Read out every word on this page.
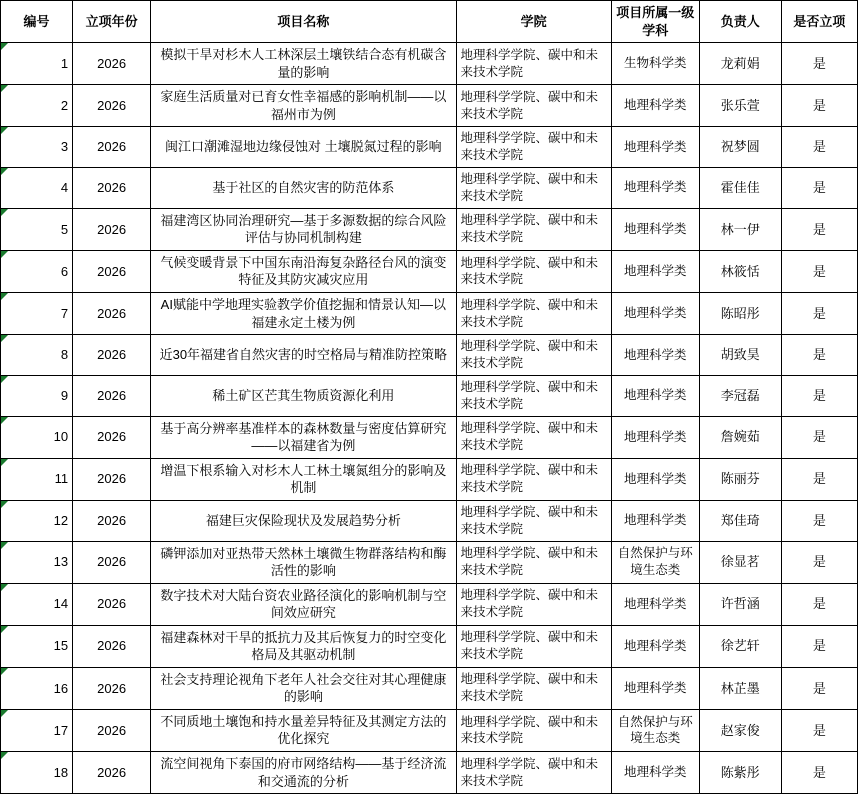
编号	立项年份	项目名称	学院	项目所属一级学科	负责人	是否立项

1	2026	模拟干旱对杉木人工林深层土壤铁结合态有机碳含量的影响	地理科学学院、碳中和未来技术学院	生物科学类	龙莉娟	是

2	2026	家庭生活质量对已育女性幸福感的影响机制——以福州市为例	地理科学学院、碳中和未来技术学院	地理科学类	张乐萱	是

3	2026	闽江口潮滩湿地边缘侵蚀对 土壤脱氮过程的影响	地理科学学院、碳中和未来技术学院	地理科学类	祝梦圆	是

4	2026	基于社区的自然灾害的防范体系	地理科学学院、碳中和未来技术学院	地理科学类	霍佳佳	是

5	2026	福建湾区协同治理研究—基于多源数据的综合风险评估与协同机制构建	地理科学学院、碳中和未来技术学院	地理科学类	林一伊	是

6	2026	气候变暖背景下中国东南沿海复杂路径台风的演变特征及其防灾减灾应用	地理科学学院、碳中和未来技术学院	地理科学类	林筱恬	是

7	2026	AI赋能中学地理实验教学价值挖掘和情景认知—以福建永定土楼为例	地理科学学院、碳中和未来技术学院	地理科学类	陈昭彤	是

8	2026	近30年福建省自然灾害的时空格局与精准防控策略	地理科学学院、碳中和未来技术学院	地理科学类	胡致昊	是

9	2026	稀土矿区芒萁生物质资源化利用	地理科学学院、碳中和未来技术学院	地理科学类	李冠磊	是

10	2026	基于高分辨率基准样本的森林数量与密度估算研究——以福建省为例	地理科学学院、碳中和未来技术学院	地理科学类	詹婉茹	是

11	2026	增温下根系输入对杉木人工林土壤氮组分的影响及机制	地理科学学院、碳中和未来技术学院	地理科学类	陈丽芬	是

12	2026	福建巨灾保险现状及发展趋势分析	地理科学学院、碳中和未来技术学院	地理科学类	郑佳琦	是

13	2026	磷钾添加对亚热带天然林土壤微生物群落结构和酶活性的影响	地理科学学院、碳中和未来技术学院	自然保护与环境生态类	徐显茗	是

14	2026	数字技术对大陆台资农业路径演化的影响机制与空间效应研究	地理科学学院、碳中和未来技术学院	地理科学类	许哲涵	是

15	2026	福建森林对干旱的抵抗力及其后恢复力的时空变化格局及其驱动机制	地理科学学院、碳中和未来技术学院	地理科学类	徐艺轩	是

16	2026	社会支持理论视角下老年人社会交往对其心理健康的影响	地理科学学院、碳中和未来技术学院	地理科学类	林芷墨	是

17	2026	不同质地土壤饱和持水量差异特征及其测定方法的优化探究	地理科学学院、碳中和未来技术学院	自然保护与环境生态类	赵家俊	是

18	2026	流空间视角下泰国的府市网络结构——基于经济流和交通流的分析	地理科学学院、碳中和未来技术学院	地理科学类	陈紫彤	是
